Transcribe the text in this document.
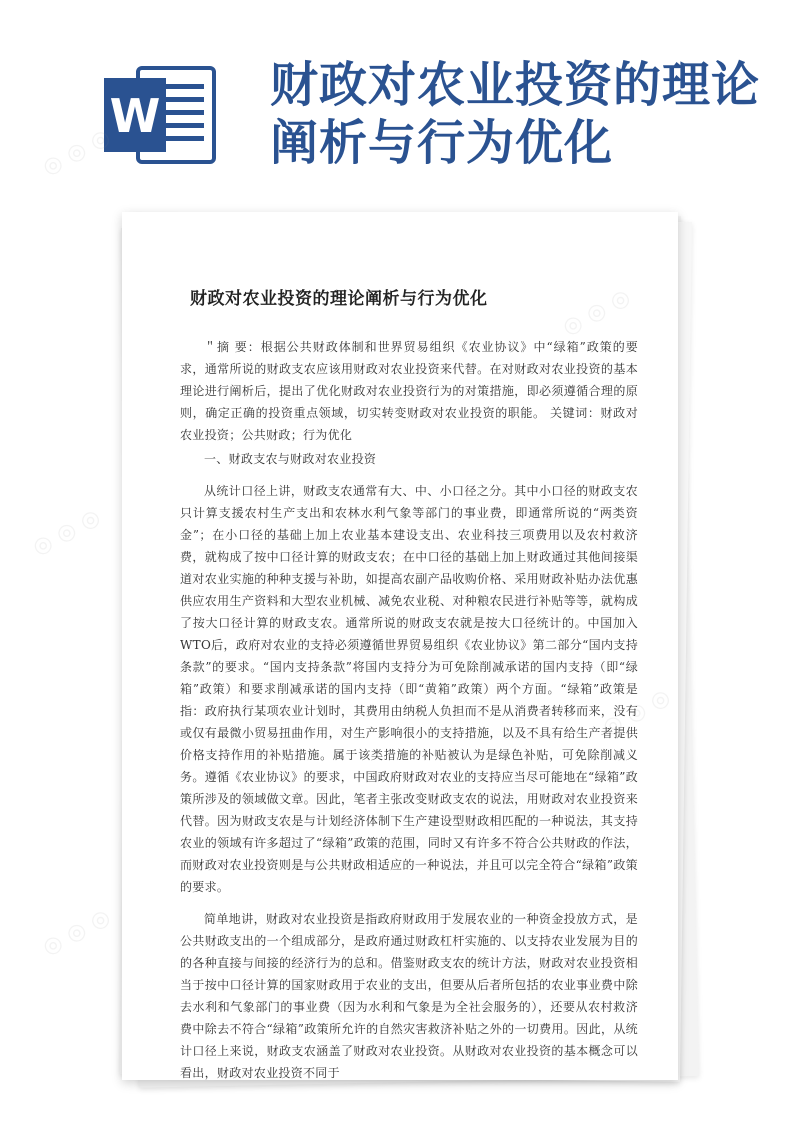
W
财政对农业投资的理论
阐析与行为优化
财政对农业投资的理论阐析与行为优化

＂摘 要：根据公共财政体制和世界贸易组织《农业协议》中“绿箱”政策的要求，通常所说的财政支农应该用财政对农业投资来代替。在对财政对农业投资的基本理论进行阐析后，提出了优化财政对农业投资行为的对策措施，即必须遵循合理的原则，确定正确的投资重点领域，切实转变财政对农业投资的职能。 关键词：财政对农业投资；公共财政；行为优化

一、财政支农与财政对农业投资

从统计口径上讲，财政支农通常有大、中、小口径之分。其中小口径的财政支农只计算支援农村生产支出和农林水利气象等部门的事业费，即通常所说的“两类资金”；在小口径的基础上加上农业基本建设支出、农业科技三项费用以及农村救济费，就构成了按中口径计算的财政支农；在中口径的基础上加上财政通过其他间接渠道对农业实施的种种支援与补助，如提高农副产品收购价格、采用财政补贴办法优惠供应农用生产资料和大型农业机械、减免农业税、对种粮农民进行补贴等等，就构成了按大口径计算的财政支农。通常所说的财政支农就是按大口径统计的。中国加入WTO后，政府对农业的支持必须遵循世界贸易组织《农业协议》第二部分“国内支持条款”的要求。“国内支持条款”将国内支持分为可免除削减承诺的国内支持（即“绿箱”政策）和要求削减承诺的国内支持（即“黄箱”政策）两个方面。“绿箱”政策是指：政府执行某项农业计划时，其费用由纳税人负担而不是从消费者转移而来，没有或仅有最微小贸易扭曲作用，对生产影响很小的支持措施，以及不具有给生产者提供价格支持作用的补贴措施。属于该类措施的补贴被认为是绿色补贴，可免除削减义务。遵循《农业协议》的要求，中国政府财政对农业的支持应当尽可能地在“绿箱”政策所涉及的领域做文章。因此，笔者主张改变财政支农的说法，用财政对农业投资来代替。因为财政支农是与计划经济体制下生产建设型财政相匹配的一种说法，其支持农业的领域有许多超过了“绿箱”政策的范围，同时又有许多不符合公共财政的作法，而财政对农业投资则是与公共财政相适应的一种说法，并且可以完全符合“绿箱”政策的要求。

简单地讲，财政对农业投资是指政府财政用于发展农业的一种资金投放方式，是公共财政支出的一个组成部分，是政府通过财政杠杆实施的、以支持农业发展为目的的各种直接与间接的经济行为的总和。借鉴财政支农的统计方法，财政对农业投资相当于按中口径计算的国家财政用于农业的支出，但要从后者所包括的农业事业费中除去水利和气象部门的事业费（因为水利和气象是为全社会服务的），还要从农村救济费中除去不符合“绿箱”政策所允许的自然灾害救济补贴之外的一切费用。因此，从统计口径上来说，财政支农涵盖了财政对农业投资。从财政对农业投资的基本概念可以看出，财政对农业投资不同于

◎ ◎ ◎
◎ ◎ ◎
◎ ◎ ◎
